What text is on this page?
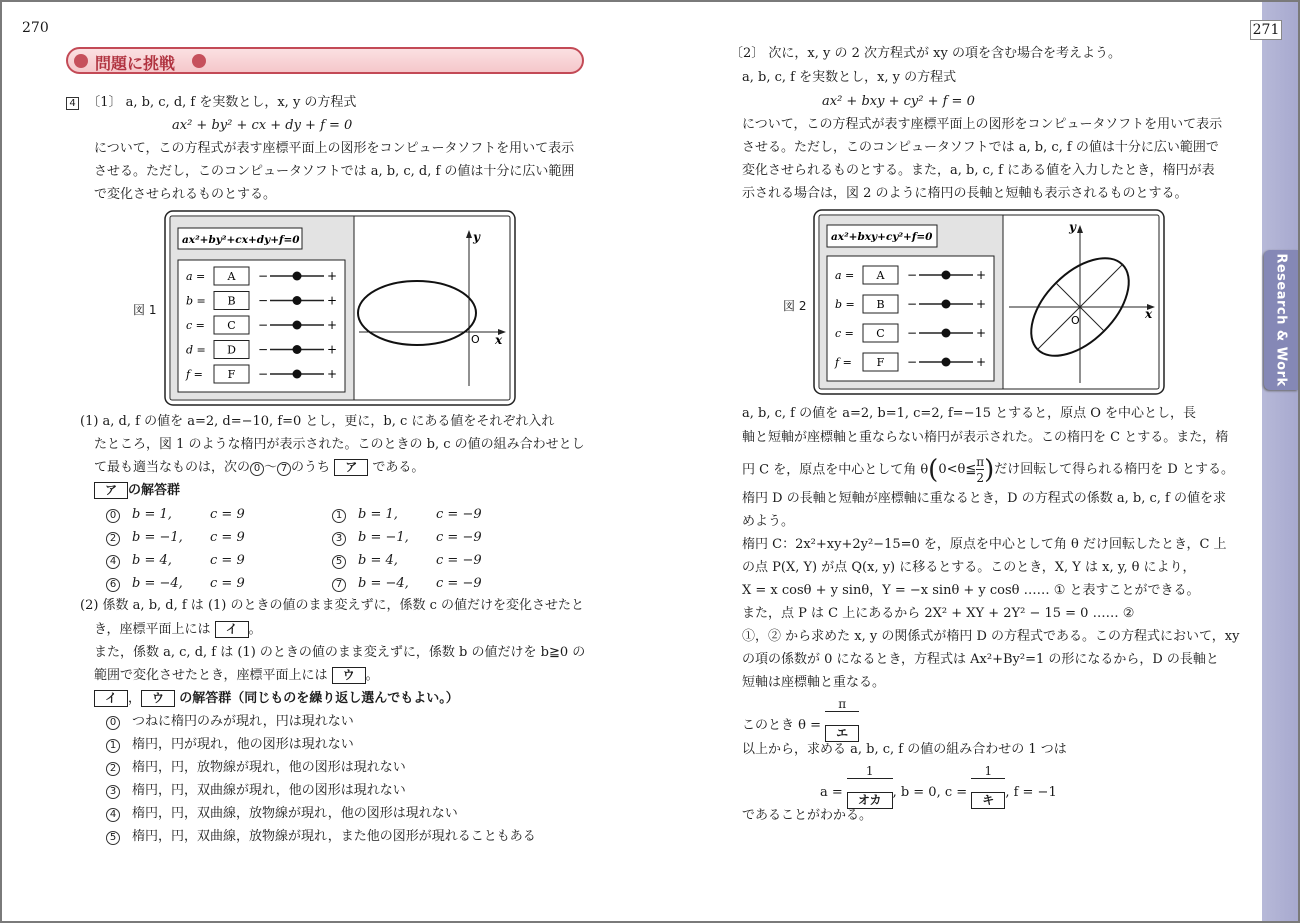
270
Research & Work
271
問題に挑戦
4 〔1〕 a, b, c, d, f を実数とし，x, y の方程式
ax² + by² + cx + dy + f = 0
について，この方程式が表す座標平面上の図形をコンピュータソフトを用いて表示
させる。ただし，このコンピュータソフトでは a, b, c, d, f の値は十分に広い範囲
で変化させられるものとする。
図 1
ax²+by²+cx+dy+f=0
a = A −	+
b = B −	+
c = C −	+
d = D −	+
f = F −	+
y
x
O
(1) a, d, f の値を a=2, d=−10, f=0 とし，更に，b, c にある値をそれぞれ入れ
たところ，図 1 のような楕円が表示された。このときの b, c の値の組み合わせとし
て最も適当なものは，次の 0 〜 7 のうち ア である。
ア の解答群
0 b = 1,	c = 9	1 b = 1,	c = −9
2 b = −1, c = 9	3 b = −1, c = −9
4 b = 4,	c = 9	5 b = 4,	c = −9
6 b = −4, c = 9	7 b = −4, c = −9
(2) 係数 a, b, d, f は (1) のときの値のまま変えずに，係数 c の値だけを変化させたと
き，座標平面上には イ 。
また，係数 a, c, d, f は (1) のときの値のまま変えずに，係数 b の値だけを b≧0 の
範囲で変化させたとき，座標平面上には ウ 。
イ ， ウ の解答群（同じものを繰り返し選んでもよい。）
0 つねに楕円のみが現れ，円は現れない
1 楕円，円が現れ，他の図形は現れない
2 楕円，円，放物線が現れ，他の図形は現れない
3 楕円，円，双曲線が現れ，他の図形は現れない
4 楕円，円，双曲線，放物線が現れ，他の図形は現れない
5 楕円，円，双曲線，放物線が現れ，また他の図形が現れることもある
〔2〕 次に，x, y の 2 次方程式が xy の項を含む場合を考えよう。
a, b, c, f を実数とし，x, y の方程式
ax² + bxy + cy² + f = 0
について，この方程式が表す座標平面上の図形をコンピュータソフトを用いて表示
させる。ただし，このコンピュータソフトでは a, b, c, f の値は十分に広い範囲で
変化させられるものとする。また，a, b, c, f にある値を入力したとき，楕円が表
示される場合は，図 2 のように楕円の長軸と短軸も表示されるものとする。
図 2
ax²+bxy+cy²+f=0
a = A −	+
b = B −	+
c = C −	+
f = F −	+
y
x
O
a, b, c, f の値を a=2, b=1, c=2, f=−15 とすると，原点 O を中心とし，長
軸と短軸が座標軸と重ならない楕円が表示された。この楕円を C とする。また，楕
円 C を，原点を中心として角 θ(0<θ≦ $\frac{\pi}{2}$ )だけ回転して得られる楕円を D とする。
楕円 D の長軸と短軸が座標軸に重なるとき，D の方程式の係数 a, b, c, f の値を求
めよう。
楕円 C：2x²+xy+2y²−15=0 を，原点を中心として角 θ だけ回転したとき，C 上
の点 P(X, Y) が点 Q(x, y) に移るとする。このとき，X, Y は x, y, θ により，
X = x cosθ + y sinθ，Y = −x sinθ + y cosθ …… ① と表すことができる。
また，点 P は C 上にあるから 2X² + XY + 2Y² − 15 = 0 …… ②
①，② から求めた x, y の関係式が楕円 D の方程式である。この方程式において，xy
の項の係数が 0 になるとき，方程式は Ax²+By²=1 の形になるから，D の長軸と
短軸は座標軸と重なる。
このとき $\theta = \frac{\pi}{\text{エ}}$
以上から，求める a, b, c, f の値の組み合わせの 1 つは
$a = \frac{1}{\text{オカ}}$ , b = 0, $c = \frac{1}{\text{キ}}$ , f = −1
であることがわかる。
